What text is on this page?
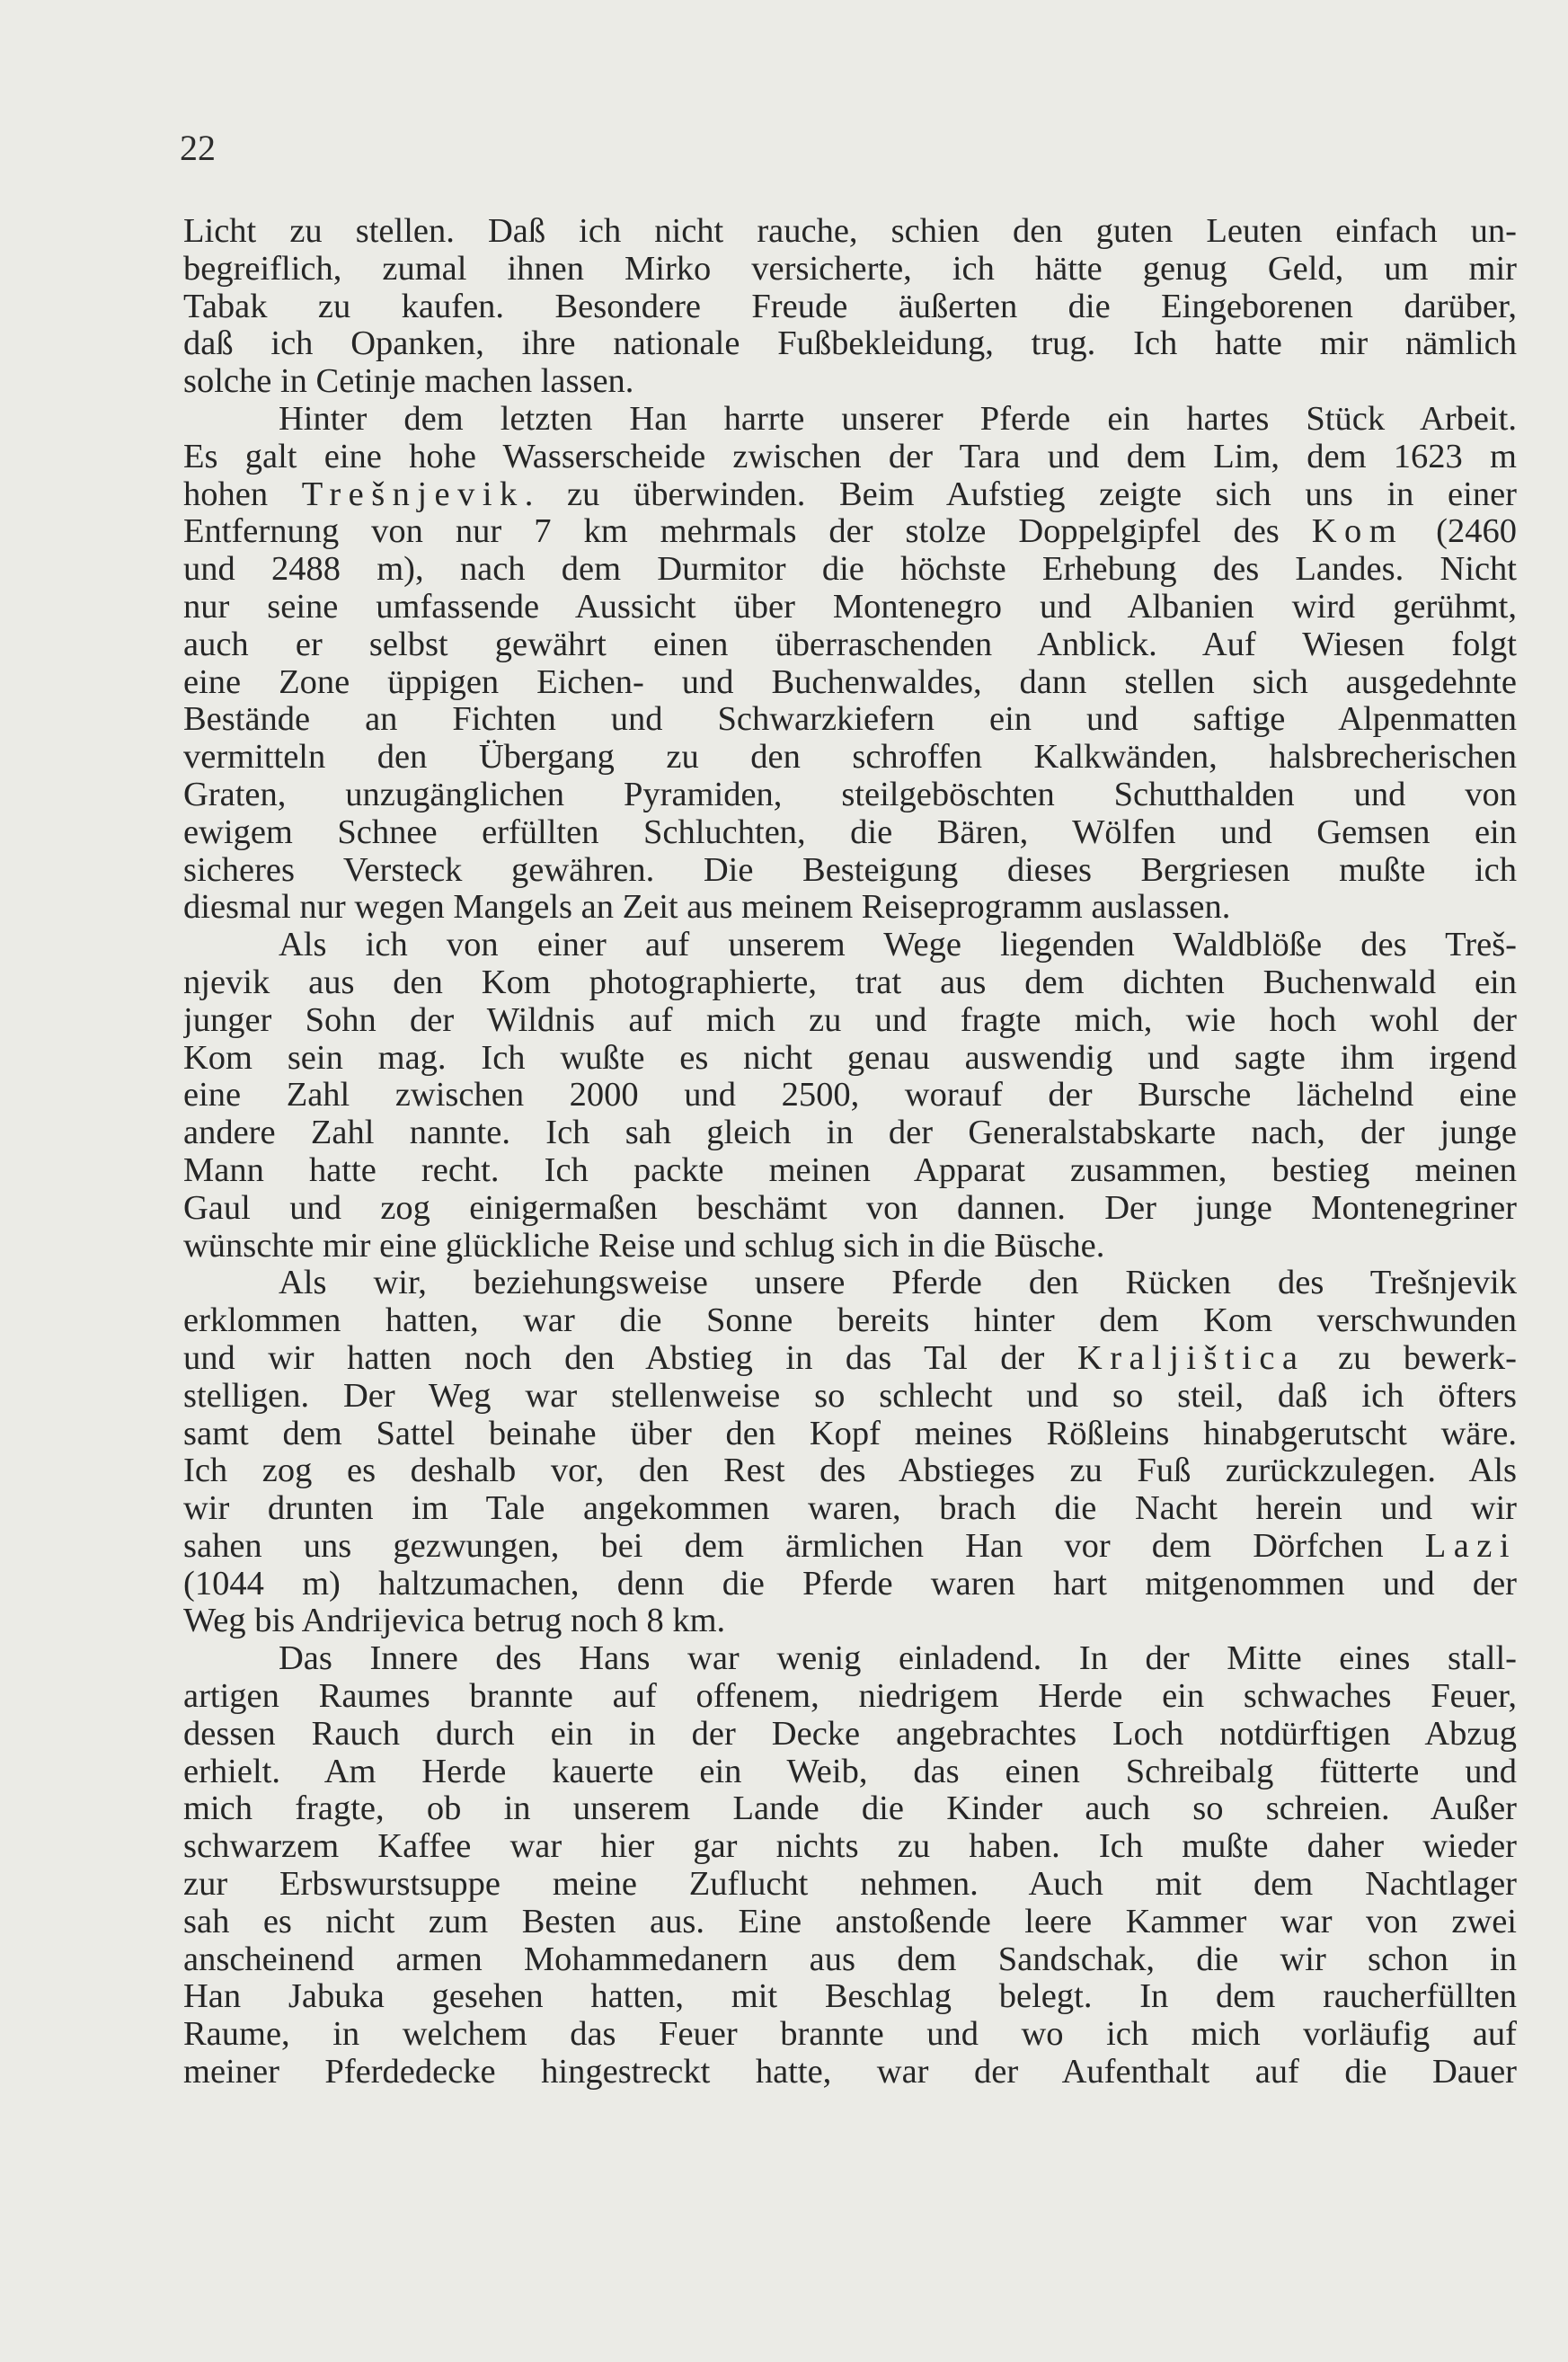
22
Licht zu stellen. Daß ich nicht rauche, schien den guten Leuten einfach un-
begreiflich, zumal ihnen Mirko versicherte, ich hätte genug Geld, um mir
Tabak zu kaufen. Besondere Freude äußerten die Eingeborenen darüber,
daß ich Opanken, ihre nationale Fußbekleidung, trug. Ich hatte mir nämlich
solche in Cetinje machen lassen.
Hinter dem letzten Han harrte unserer Pferde ein hartes Stück Arbeit.
Es galt eine hohe Wasserscheide zwischen der Tara und dem Lim, dem 1623 m
hohen Trešnjevik. zu überwinden. Beim Aufstieg zeigte sich uns in einer
Entfernung von nur 7 km mehrmals der stolze Doppelgipfel des Kom (2460
und 2488 m), nach dem Durmitor die höchste Erhebung des Landes. Nicht
nur seine umfassende Aussicht über Montenegro und Albanien wird gerühmt,
auch er selbst gewährt einen überraschenden Anblick. Auf Wiesen folgt
eine Zone üppigen Eichen- und Buchenwaldes, dann stellen sich ausgedehnte
Bestände an Fichten und Schwarzkiefern ein und saftige Alpenmatten
vermitteln den Übergang zu den schroffen Kalkwänden, halsbrecherischen
Graten, unzugänglichen Pyramiden, steilgeböschten Schutthalden und von
ewigem Schnee erfüllten Schluchten, die Bären, Wölfen und Gemsen ein
sicheres Versteck gewähren. Die Besteigung dieses Bergriesen mußte ich
diesmal nur wegen Mangels an Zeit aus meinem Reiseprogramm auslassen.
Als ich von einer auf unserem Wege liegenden Waldblöße des Treš-
njevik aus den Kom photographierte, trat aus dem dichten Buchenwald ein
junger Sohn der Wildnis auf mich zu und fragte mich, wie hoch wohl der
Kom sein mag. Ich wußte es nicht genau auswendig und sagte ihm irgend
eine Zahl zwischen 2000 und 2500, worauf der Bursche lächelnd eine
andere Zahl nannte. Ich sah gleich in der Generalstabskarte nach, der junge
Mann hatte recht. Ich packte meinen Apparat zusammen, bestieg meinen
Gaul und zog einigermaßen beschämt von dannen. Der junge Montenegriner
wünschte mir eine glückliche Reise und schlug sich in die Büsche.
Als wir, beziehungsweise unsere Pferde den Rücken des Trešnjevik
erklommen hatten, war die Sonne bereits hinter dem Kom verschwunden
und wir hatten noch den Abstieg in das Tal der Kraljištica zu bewerk-
stelligen. Der Weg war stellenweise so schlecht und so steil, daß ich öfters
samt dem Sattel beinahe über den Kopf meines Rößleins hinabgerutscht wäre.
Ich zog es deshalb vor, den Rest des Abstieges zu Fuß zurückzulegen. Als
wir drunten im Tale angekommen waren, brach die Nacht herein und wir
sahen uns gezwungen, bei dem ärmlichen Han vor dem Dörfchen Lazi
(1044 m) haltzumachen, denn die Pferde waren hart mitgenommen und der
Weg bis Andrijevica betrug noch 8 km.
Das Innere des Hans war wenig einladend. In der Mitte eines stall-
artigen Raumes brannte auf offenem, niedrigem Herde ein schwaches Feuer,
dessen Rauch durch ein in der Decke angebrachtes Loch notdürftigen Abzug
erhielt. Am Herde kauerte ein Weib, das einen Schreibalg fütterte und
mich fragte, ob in unserem Lande die Kinder auch so schreien. Außer
schwarzem Kaffee war hier gar nichts zu haben. Ich mußte daher wieder
zur Erbswurstsuppe meine Zuflucht nehmen. Auch mit dem Nachtlager
sah es nicht zum Besten aus. Eine anstoßende leere Kammer war von zwei
anscheinend armen Mohammedanern aus dem Sandschak, die wir schon in
Han Jabuka gesehen hatten, mit Beschlag belegt. In dem raucherfüllten
Raume, in welchem das Feuer brannte und wo ich mich vorläufig auf
meiner Pferdedecke hingestreckt hatte, war der Aufenthalt auf die Dauer
